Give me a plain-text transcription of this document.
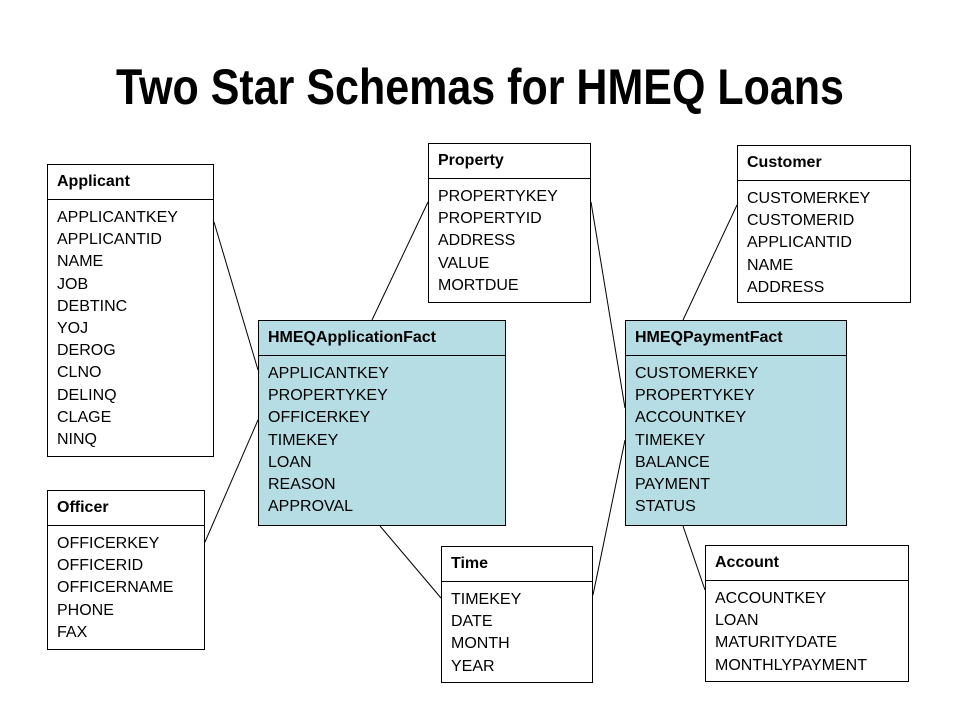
Two Star Schemas for HMEQ Loans
Applicant
APPLICANTKEY
APPLICANTID
NAME
JOB
DEBTINC
YOJ
DEROG
CLNO
DELINQ
CLAGE
NINQ
Officer
OFFICERKEY
OFFICERID
OFFICERNAME
PHONE
FAX
Property
PROPERTYKEY
PROPERTYID
ADDRESS
VALUE
MORTDUE
Customer
CUSTOMERKEY
CUSTOMERID
APPLICANTID
NAME
ADDRESS
HMEQApplicationFact
APPLICANTKEY
PROPERTYKEY
OFFICERKEY
TIMEKEY
LOAN
REASON
APPROVAL
HMEQPaymentFact
CUSTOMERKEY
PROPERTYKEY
ACCOUNTKEY
TIMEKEY
BALANCE
PAYMENT
STATUS
Time
TIMEKEY
DATE
MONTH
YEAR
Account
ACCOUNTKEY
LOAN
MATURITYDATE
MONTHLYPAYMENT
